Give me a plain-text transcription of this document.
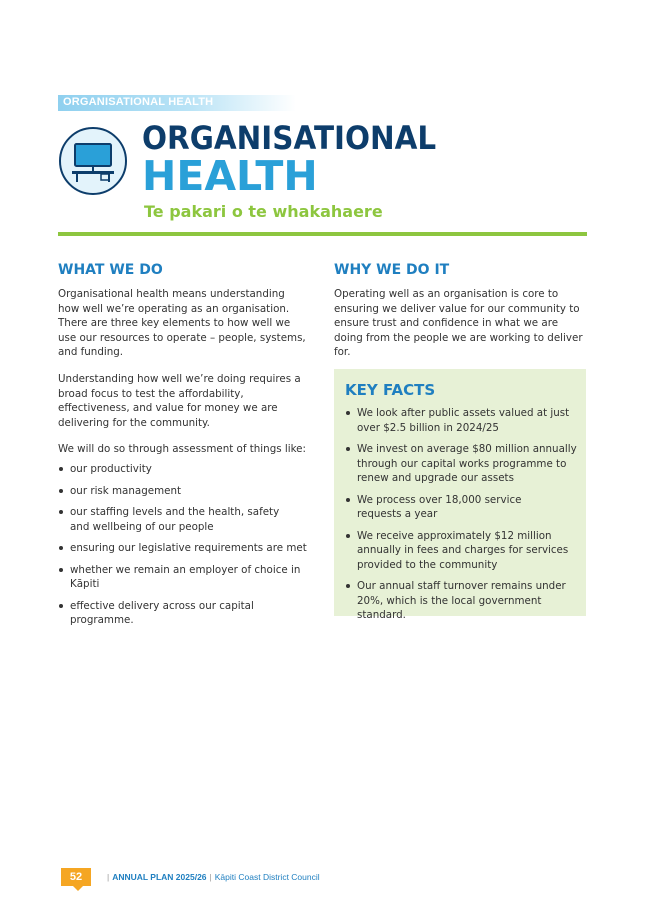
ORGANISATIONAL HEALTH
ORGANISATIONAL
HEALTH
Te pakari o te whakahaere
WHAT WE DO

Organisational health means understanding how well we’re operating as an organisation. There are three key elements to how well we use our resources to operate – people, systems, and funding.

Understanding how well we’re doing requires a broad focus to test the affordability, effectiveness, and value for money we are delivering for the community.

We will do so through assessment of things like:

our productivity
our risk management
our staffing levels and the health, safety and wellbeing of our people
ensuring our legislative requirements are met
whether we remain an employer of choice in Kāpiti
effective delivery across our capital programme.
WHY WE DO IT

Operating well as an organisation is core to ensuring we deliver value for our community to ensure trust and confidence in what we are doing from the people we are working to deliver for.

KEY FACTS
We look after public assets valued at just over $2.5 billion in 2024/25
We invest on average $80 million annually through our capital works programme to renew and upgrade our assets
We process over 18,000 service requests a year
We receive approximately $12 million annually in fees and charges for services provided to the community
Our annual staff turnover remains under 20%, which is the local government standard.
52	| ANNUAL PLAN 2025/26 | Kāpiti Coast District Council
